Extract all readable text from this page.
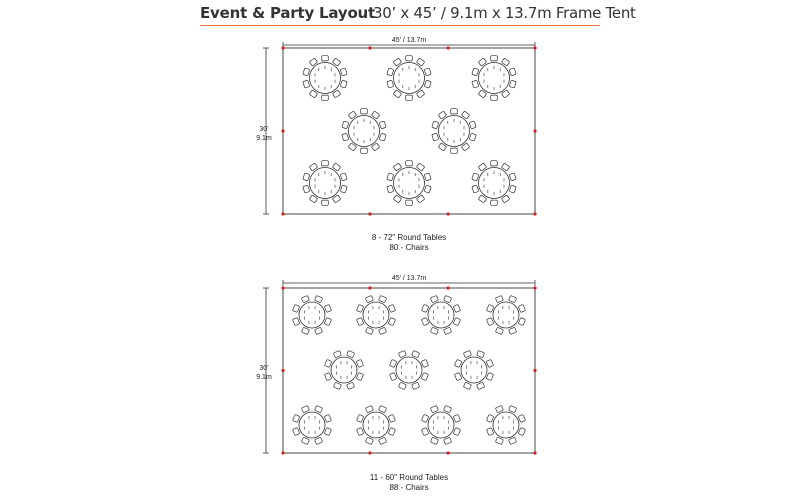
Event & Party Layout
30’ x 45’ / 9.1m x 13.7m Frame Tent
45’ / 13.7m
30’
9.1m
45’ / 13.7m
30’
9.1m
8 - 72" Round Tables
80 - Chairs
11 - 60" Round Tables
88 - Chairs
